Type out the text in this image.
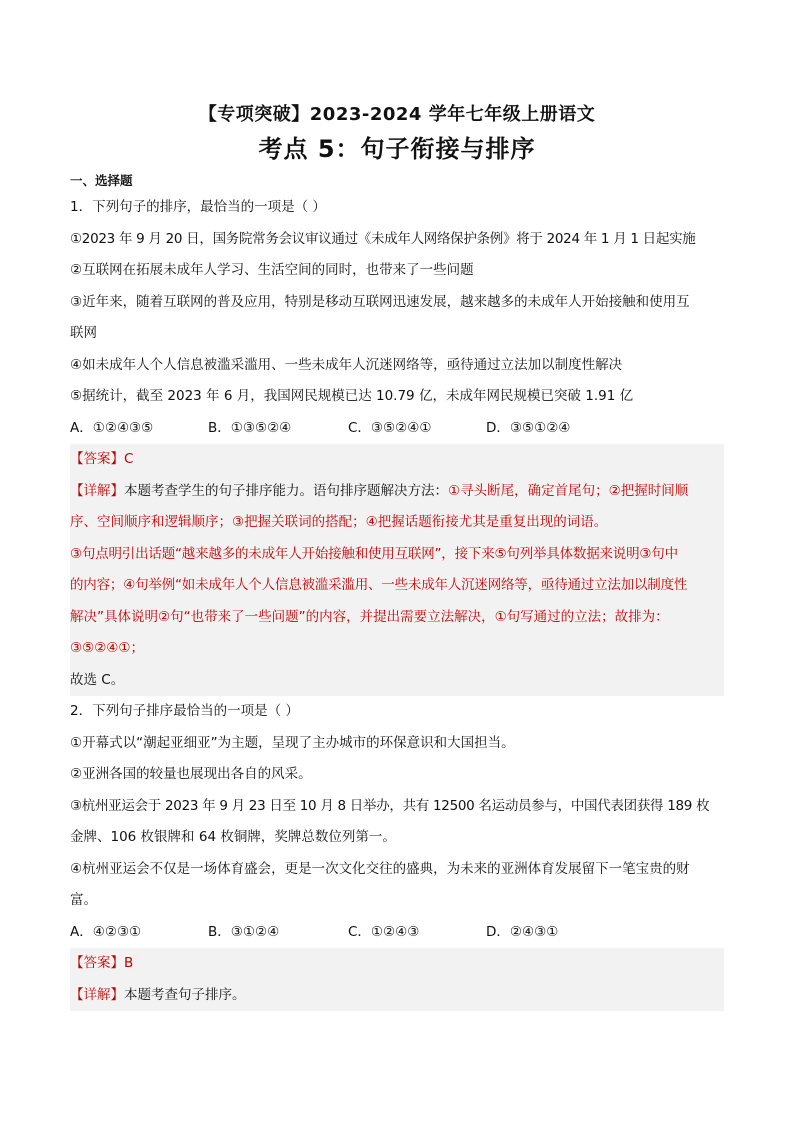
【专项突破】2023-2024 学年七年级上册语文

考点 5：句子衔接与排序

一、选择题

1．下列句子的排序，最恰当的一项是（ ）

①2023 年 9 月 20 日，国务院常务会议审议通过《未成年人网络保护条例》将于 2024 年 1 月 1 日起实施

②互联网在拓展未成年人学习、生活空间的同时，也带来了一些问题

③近年来，随着互联网的普及应用，特别是移动互联网迅速发展，越来越多的未成年人开始接触和使用互

联网

④如未成年人个人信息被滥采滥用、一些未成年人沉迷网络等，亟待通过立法加以制度性解决

⑤据统计，截至 2023 年 6 月，我国网民规模已达 10.79 亿，未成年网民规模已突破 1.91 亿

A．①②④③⑤	B．①③⑤②④	C．③⑤②④①	D．③⑤①②④

【答案】C

【详解】本题考查学生的句子排序能力。语句排序题解决方法：①寻头断尾，确定首尾句；②把握时间顺

序、空间顺序和逻辑顺序；③把握关联词的搭配；④把握话题衔接尤其是重复出现的词语。

③句点明引出话题“越来越多的未成年人开始接触和使用互联网”，接下来⑤句列举具体数据来说明③句中

的内容；④句举例“如未成年人个人信息被滥采滥用、一些未成年人沉迷网络等，亟待通过立法加以制度性

解决”具体说明②句“也带来了一些问题”的内容，并提出需要立法解决，①句写通过的立法；故排为：

③⑤②④①；

故选 C。

2．下列句子排序最恰当的一项是（ ）

①开幕式以“潮起亚细亚”为主题，呈现了主办城市的环保意识和大国担当。

②亚洲各国的较量也展现出各自的风采。

③杭州亚运会于 2023 年 9 月 23 日至 10 月 8 日举办，共有 12500 名运动员参与，中国代表团获得 189 枚

金牌、106 枚银牌和 64 枚铜牌，奖牌总数位列第一。

④杭州亚运会不仅是一场体育盛会，更是一次文化交往的盛典，为未来的亚洲体育发展留下一笔宝贵的财

富。

A．④②③①	B．③①②④	C．①②④③	D．②④③①

【答案】B

【详解】本题考查句子排序。
